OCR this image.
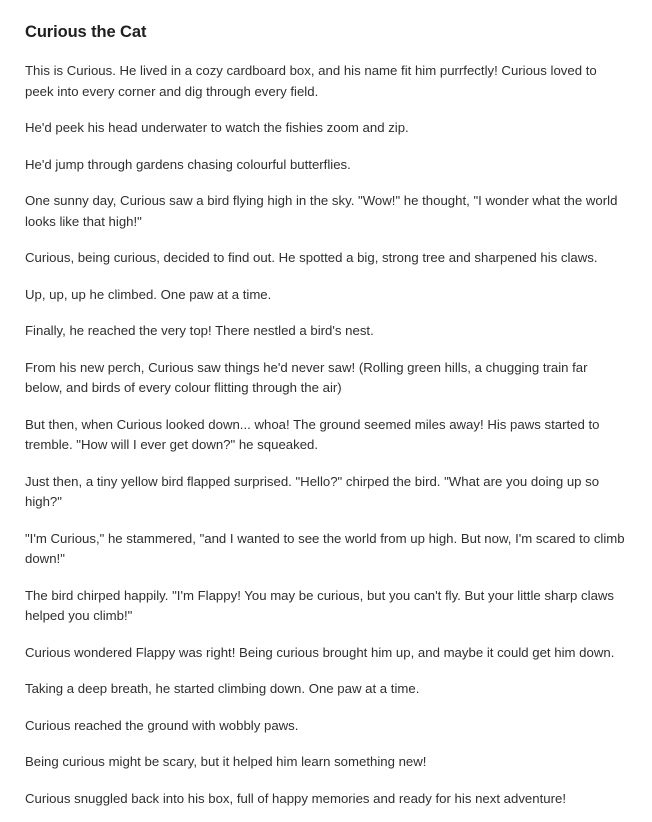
Curious the Cat

This is Curious. He lived in a cozy cardboard box, and his name fit him purrfectly! Curious loved to peek into every corner and dig through every field.

He'd peek his head underwater to watch the fishies zoom and zip.

He'd jump through gardens chasing colourful butterflies.

One sunny day, Curious saw a bird flying high in the sky. "Wow!" he thought, "I wonder what the world looks like that high!"

Curious, being curious, decided to find out. He spotted a big, strong tree and sharpened his claws.

Up, up, up he climbed. One paw at a time.

Finally, he reached the very top! There nestled a bird's nest.

From his new perch, Curious saw things he'd never saw! (Rolling green hills, a chugging train far below, and birds of every colour flitting through the air)

But then, when Curious looked down... whoa! The ground seemed miles away! His paws started to tremble. "How will I ever get down?" he squeaked.

Just then, a tiny yellow bird flapped surprised. "Hello?" chirped the bird. "What are you doing up so high?"

"I'm Curious," he stammered, "and I wanted to see the world from up high. But now, I'm scared to climb down!"

The bird chirped happily. "I'm Flappy! You may be curious, but you can't fly. But your little sharp claws helped you climb!"

Curious wondered Flappy was right! Being curious brought him up, and maybe it could get him down.

Taking a deep breath, he started climbing down. One paw at a time.

Curious reached the ground with wobbly paws.

Being curious might be scary, but it helped him learn something new!

Curious snuggled back into his box, full of happy memories and ready for his next adventure!
